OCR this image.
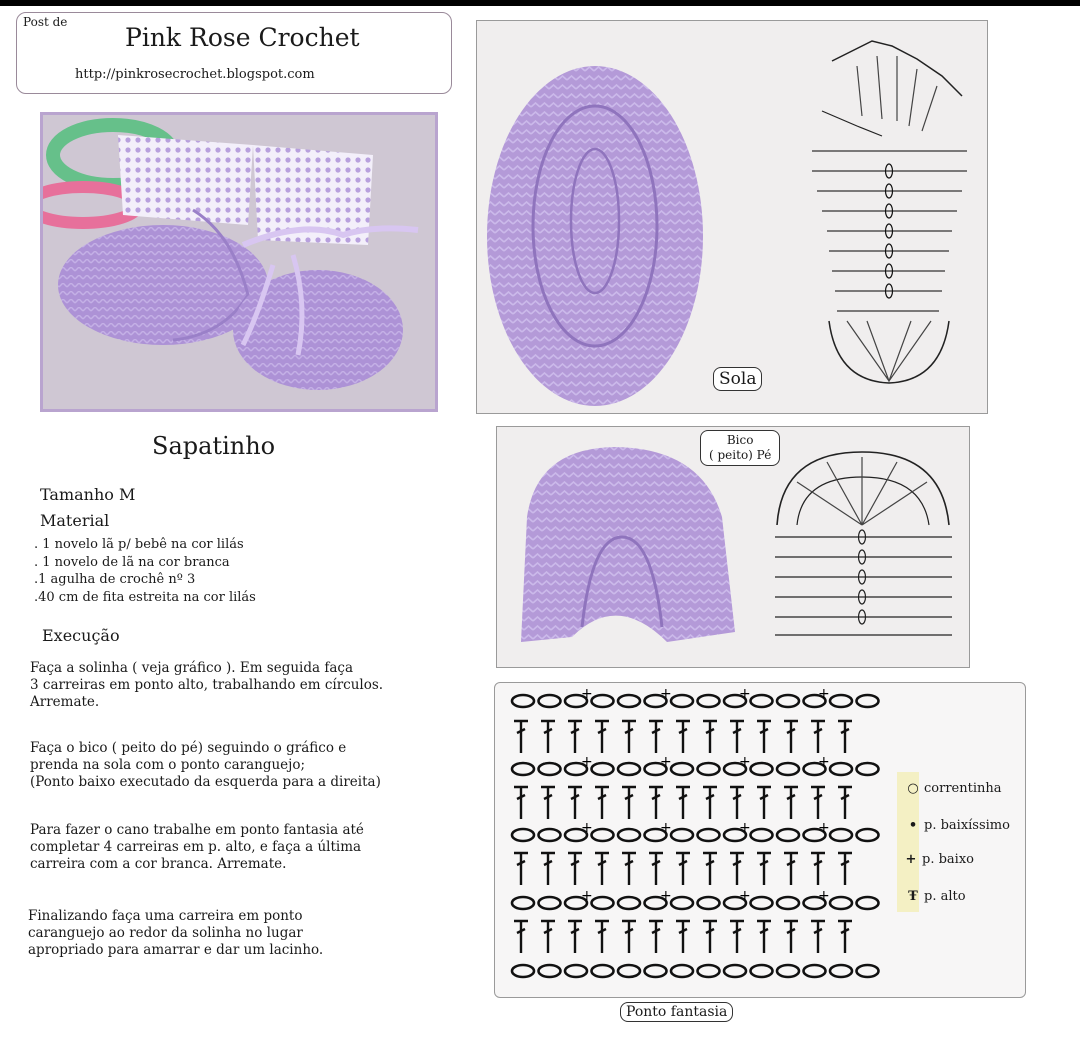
Post de
Pink Rose Crochet
http://pinkrosecrochet.blogspot.com
Sapatinho
Tamanho M
Material
. 1 novelo lã p/ bebê na cor lilás
. 1 novelo de lã na cor branca
.1 agulha de crochê nº 3
.40 cm de fita estreita na cor lilás
Execução
Faça a solinha ( veja gráfico ). Em seguida faça
3 carreiras em ponto alto, trabalhando em círculos.
Arremate.
Faça o bico ( peito do pé) seguindo o gráfico e
prenda na sola com o ponto caranguejo;
(Ponto baixo executado da esquerda para a direita)
Para fazer o cano trabalhe em ponto fantasia até
completar 4 carreiras em p. alto, e faça a última
carreira com a cor branca. Arremate.
Finalizando faça uma carreira em ponto
caranguejo ao redor da solinha no lugar
apropriado para amarrar e dar um lacinho.
Sola
Bico
( peito) Pé
+	+	+	+
+	+	+	+
+	+	+	+
+	+	+	+
○ correntinha
• p. baixíssimo
+ p. baixo
Ŧ p. alto
Ponto fantasia
